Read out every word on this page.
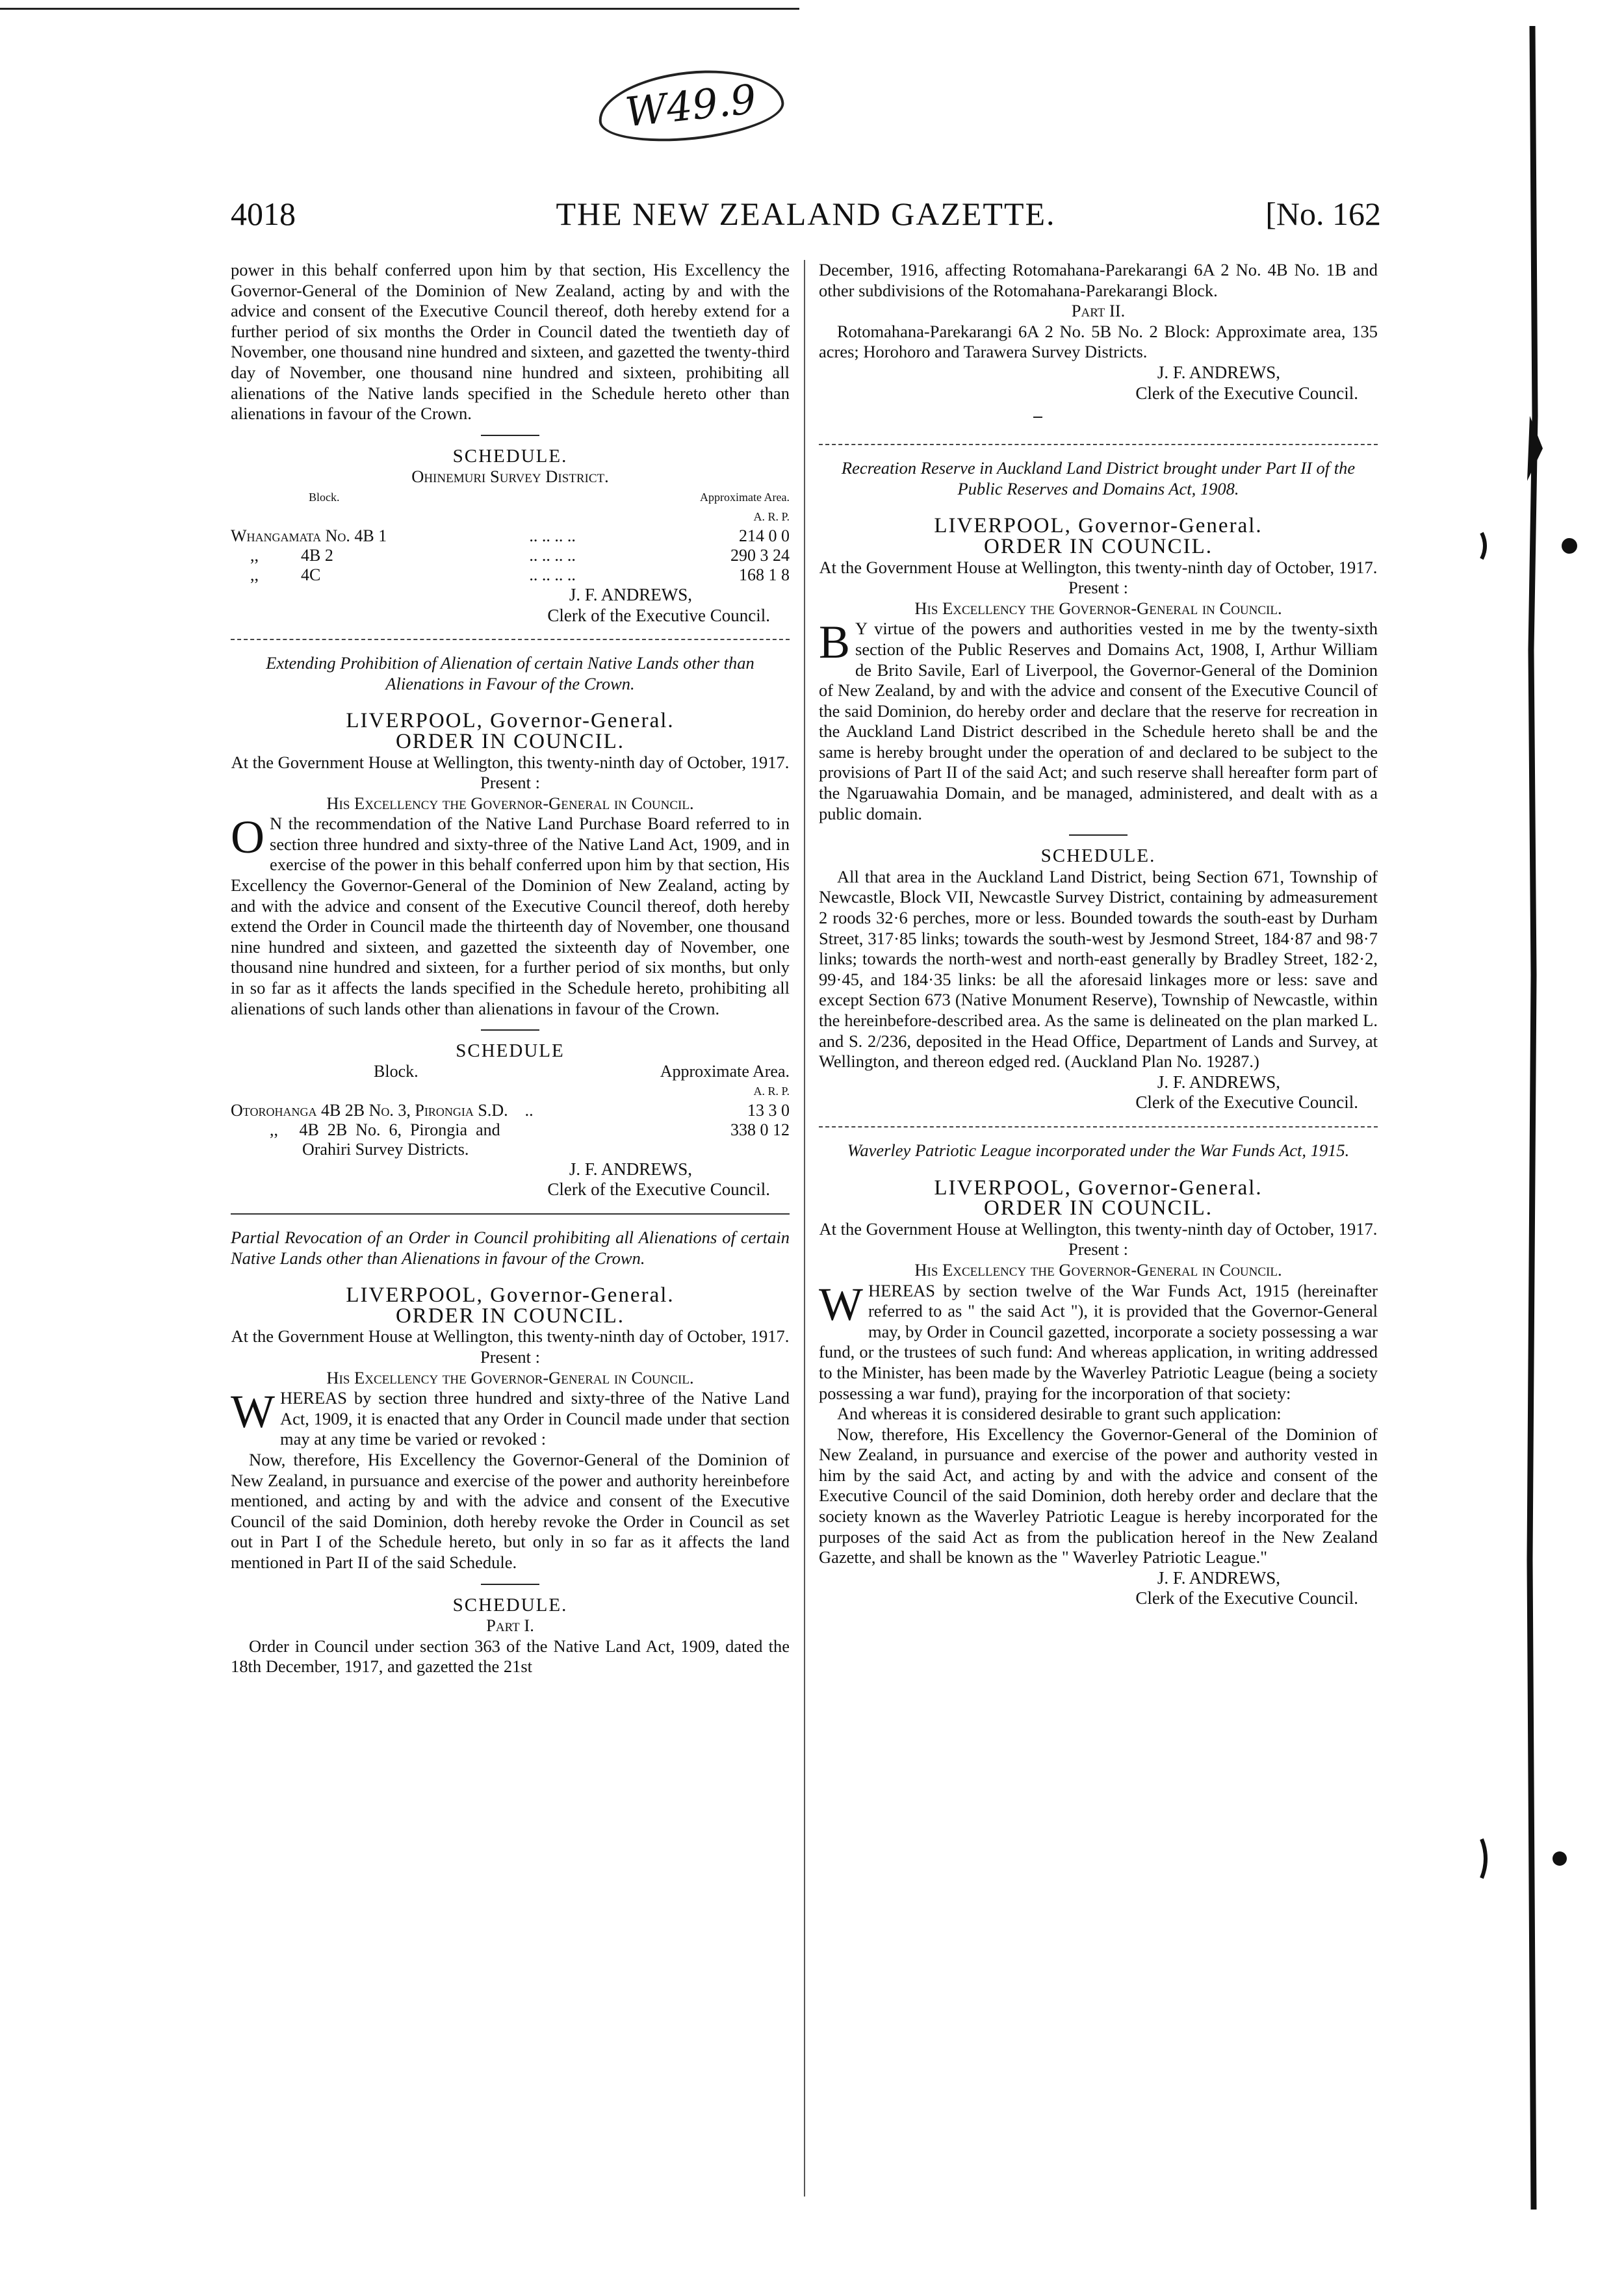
W49.9
4018	THE NEW ZEALAND GAZETTE.	[No. 162

power in this behalf conferred upon him by that section, His Excellency the Governor-General of the Dominion of New Zealand, acting by and with the advice and consent of the Executive Council thereof, doth hereby extend for a further period of six months the Order in Council dated the twentieth day of November, one thousand nine hundred and sixteen, and gazetted the twenty-third day of November, one thousand nine hundred and sixteen, prohibiting all alienations of the Native lands specified in the Schedule hereto other than alienations in favour of the Crown.

SCHEDULE.
Ohinemuri Survey District.
Block.		Approximate Area.
		A. R. P.
Whangamata No. 4B 1	.. .. .. ..	214 0 0
,,          4B 2	.. .. .. ..	290 3 24
,,          4C	.. .. .. ..	168 1 8
J. F. ANDREWS,
Clerk of the Executive Council.

Extending Prohibition of Alienation of certain Native Lands other than Alienations in Favour of the Crown.

LIVERPOOL, Governor-General.
ORDER IN COUNCIL.

At the Government House at Wellington, this twenty-ninth day of October, 1917.

Present :
His Excellency the Governor-General in Council.

O N the recommendation of the Native Land Purchase Board referred to in section three hundred and sixty-three of the Native Land Act, 1909, and in exercise of the power in this behalf conferred upon him by that section, His Excellency the Governor-General of the Dominion of New Zealand, acting by and with the advice and consent of the Executive Council thereof, doth hereby extend the Order in Council made the thirteenth day of November, one thousand nine hundred and sixteen, and gazetted the sixteenth day of November, one thousand nine hundred and sixteen, for a further period of six months, but only in so far as it affects the lands specified in the Schedule hereto, prohibiting all alienations of such lands other than alienations in favour of the Crown.

SCHEDULE
Block.	Approximate Area.
	A. R. P.
Otorohanga 4B 2B No. 3, Pirongia S.D. ..	13 3 0
,,     4B  2B  No.  6,  Pirongia  and	338 0 12
Orahiri Survey Districts.	
J. F. ANDREWS,
Clerk of the Executive Council.

Partial Revocation of an Order in Council prohibiting all Alienations of certain Native Lands other than Alienations in favour of the Crown.

LIVERPOOL, Governor-General.
ORDER IN COUNCIL.

At the Government House at Wellington, this twenty-ninth day of October, 1917.

Present :
His Excellency the Governor-General in Council.

WHEREAS by section three hundred and sixty-three of the Native Land Act, 1909, it is enacted that any Order in Council made under that section may at any time be varied or revoked :

Now, therefore, His Excellency the Governor-General of the Dominion of New Zealand, in pursuance and exercise of the power and authority hereinbefore mentioned, and acting by and with the advice and consent of the Executive Council of the said Dominion, doth hereby revoke the Order in Council as set out in Part I of the Schedule hereto, but only in so far as it affects the land mentioned in Part II of the said Schedule.

SCHEDULE.
Part I.

Order in Council under section 363 of the Native Land Act, 1909, dated the 18th December, 1917, and gazetted the 21st

December, 1916, affecting Rotomahana-Parekarangi 6A 2 No. 4B No. 1B and other subdivisions of the Rotomahana-Parekarangi Block.

Part II.

Rotomahana-Parekarangi 6A 2 No. 5B No. 2 Block: Approximate area, 135 acres; Horohoro and Tarawera Survey Districts.

J. F. ANDREWS,
Clerk of the Executive Council.

Recreation Reserve in Auckland Land District brought under Part II of the Public Reserves and Domains Act, 1908.

LIVERPOOL, Governor-General.
ORDER IN COUNCIL.

At the Government House at Wellington, this twenty-ninth day of October, 1917.

Present :
His Excellency the Governor-General in Council.

B Y virtue of the powers and authorities vested in me by the twenty-sixth section of the Public Reserves and Domains Act, 1908, I, Arthur William de Brito Savile, Earl of Liverpool, the Governor-General of the Dominion of New Zealand, by and with the advice and consent of the Executive Council of the said Dominion, do hereby order and declare that the reserve for recreation in the Auckland Land District described in the Schedule hereto shall be and the same is hereby brought under the operation of and declared to be subject to the provisions of Part II of the said Act; and such reserve shall hereafter form part of the Ngaruawahia Domain, and be managed, administered, and dealt with as a public domain.

SCHEDULE.

All that area in the Auckland Land District, being Section 671, Township of Newcastle, Block VII, Newcastle Survey District, containing by admeasurement 2 roods 32·6 perches, more or less. Bounded towards the south-east by Durham Street, 317·85 links; towards the south-west by Jesmond Street, 184·87 and 98·7 links; towards the north-west and north-east generally by Bradley Street, 182·2, 99·45, and 184·35 links: be all the aforesaid linkages more or less: save and except Section 673 (Native Monument Reserve), Township of Newcastle, within the hereinbefore-described area. As the same is delineated on the plan marked L. and S. 2/236, deposited in the Head Office, Department of Lands and Survey, at Wellington, and thereon edged red. (Auckland Plan No. 19287.)

J. F. ANDREWS,
Clerk of the Executive Council.

Waverley Patriotic League incorporated under the War Funds Act, 1915.

LIVERPOOL, Governor-General.
ORDER IN COUNCIL.

At the Government House at Wellington, this twenty-ninth day of October, 1917.

Present :
His Excellency the Governor-General in Council.

WHEREAS by section twelve of the War Funds Act, 1915 (hereinafter referred to as " the said Act "), it is provided that the Governor-General may, by Order in Council gazetted, incorporate a society possessing a war fund, or the trustees of such fund: And whereas application, in writing addressed to the Minister, has been made by the Waverley Patriotic League (being a society possessing a war fund), praying for the incorporation of that society:

And whereas it is considered desirable to grant such application:

Now, therefore, His Excellency the Governor-General of the Dominion of New Zealand, in pursuance and exercise of the power and authority vested in him by the said Act, and acting by and with the advice and consent of the Executive Council of the said Dominion, doth hereby order and declare that the society known as the Waverley Patriotic League is hereby incorporated for the purposes of the said Act as from the publication hereof in the New Zealand Gazette, and shall be known as the " Waverley Patriotic League."

J. F. ANDREWS,
Clerk of the Executive Council.
